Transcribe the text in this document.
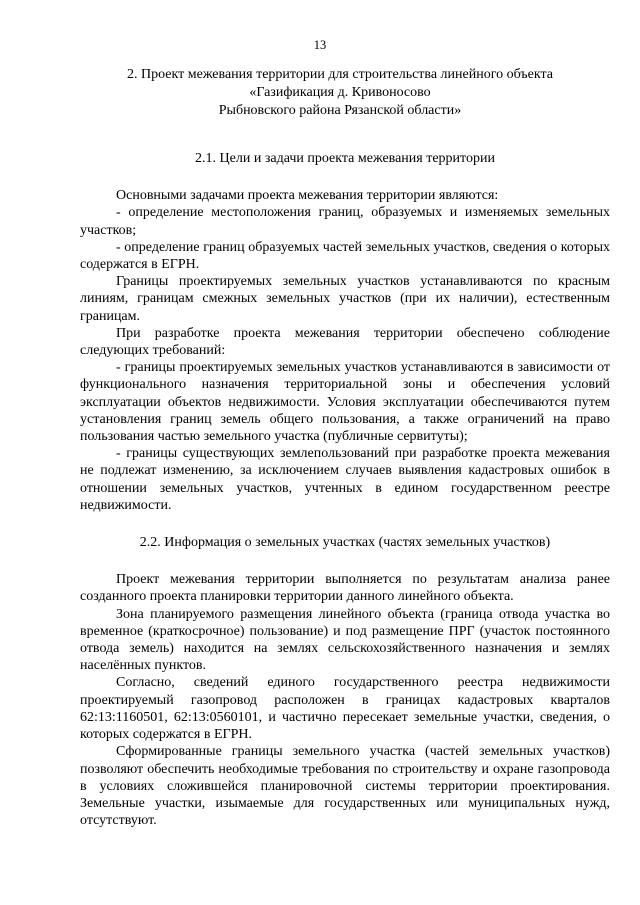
13
2. Проект межевания территории для строительства линейного объекта
«Газификация д. Кривоносово
Рыбновского района Рязанской области»
2.1. Цели и задачи проекта межевания территории

Основными задачами проекта межевания территории являются:

- определение местоположения границ, образуемых и изменяемых земельных участков;

- определение границ образуемых частей земельных участков, сведения о которых содержатся в ЕГРН.

Границы проектируемых земельных участков устанавливаются по красным линиям, границам смежных земельных участков (при их наличии), естественным границам.

При разработке проекта межевания территории обеспечено соблюдение следующих требований:

- границы проектируемых земельных участков устанавливаются в зависимости от функционального назначения территориальной зоны и обеспечения условий эксплуатации объектов недвижимости. Условия эксплуатации обеспечиваются путем установления границ земель общего пользования, а также ограничений на право пользования частью земельного участка (публичные сервитуты);

- границы существующих землепользований при разработке проекта межевания не подлежат изменению, за исключением случаев выявления кадастровых ошибок в отношении земельных участков, учтенных в едином государственном реестре недвижимости.

2.2. Информация о земельных участках (частях земельных участков)

Проект межевания территории выполняется по результатам анализа ранее созданного проекта планировки территории данного линейного объекта.

Зона планируемого размещения линейного объекта (граница отвода участка во временное (краткосрочное) пользование) и под размещение ПРГ (участок постоянного отвода земель) находится на землях сельскохозяйственного назначения и землях населённых пунктов.

Согласно, сведений единого государственного реестра недвижимости проектируемый газопровод расположен в границах кадастровых кварталов 62:13:1160501, 62:13:0560101, и частично пересекает земельные участки, сведения, о которых содержатся в ЕГРН.

Сформированные границы земельного участка (частей земельных участков) позволяют обеспечить необходимые требования по строительству и охране газопровода в условиях сложившейся планировочной системы территории проектирования. Земельные участки, изымаемые для государственных или муниципальных нужд, отсутствуют.
